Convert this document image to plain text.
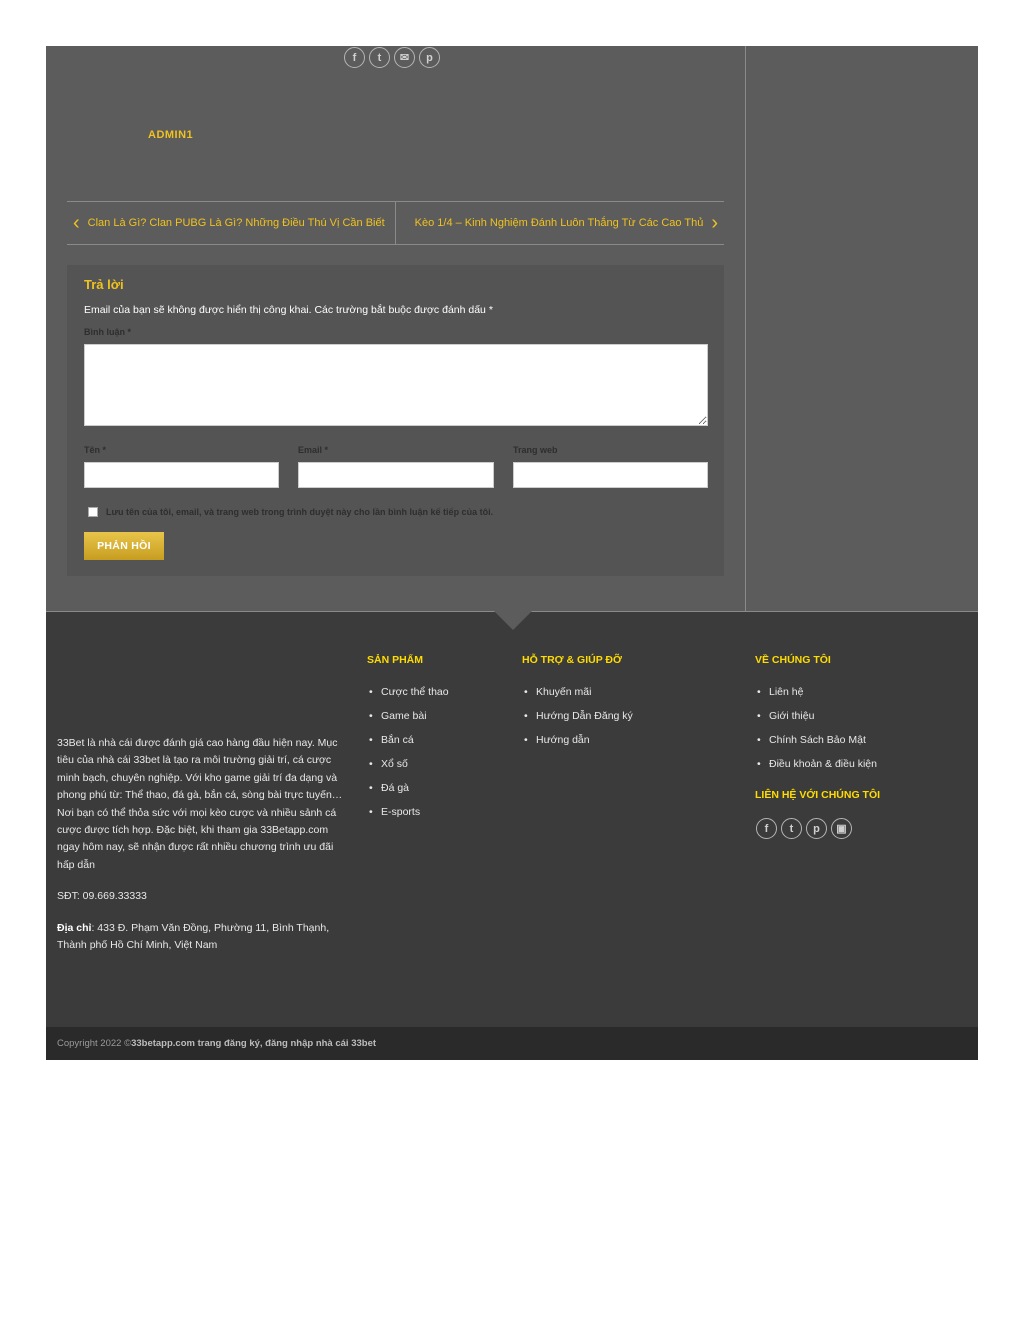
f	t	✉	p
ADMIN1
‹ Clan Là Gì? Clan PUBG Là Gì? Những Điều Thú Vị Cần Biết	Kèo 1/4 – Kinh Nghiệm Đánh Luôn Thắng Từ Các Cao Thủ ›
Trả lời
Email của bạn sẽ không được hiển thị công khai. Các trường bắt buộc được đánh dấu *
Bình luận *
Tên *	Email *	Trang web
Lưu tên của tôi, email, và trang web trong trình duyệt này cho lần bình luận kế tiếp của tôi.
PHẢN HỒI

33Bet là nhà cái được đánh giá cao hàng đầu hiện nay. Mục tiêu của nhà cái 33bet là tạo ra môi trường giải trí, cá cược minh bạch, chuyên nghiệp. Với kho game giải trí đa dạng và phong phú từ: Thể thao, đá gà, bắn cá, sòng bài trực tuyến… Nơi bạn có thể thỏa sức với mọi kèo cược và nhiều sảnh cá cược được tích hợp. Đặc biệt, khi tham gia 33Betapp.com ngay hôm nay, sẽ nhận được rất nhiều chương trình ưu đãi hấp dẫn

SĐT: 09.669.33333

Địa chỉ: 433 Đ. Phạm Văn Đồng, Phường 11, Bình Thạnh, Thành phố Hồ Chí Minh, Việt Nam

SẢN PHẨM
• Cược thể thao
• Game bài
• Bắn cá
• Xổ số
• Đá gà
• E-sports
HỖ TRỢ & GIÚP ĐỠ
• Khuyến mãi
• Hướng Dẫn Đăng ký
• Hướng dẫn
VỀ CHÚNG TÔI
• Liên hệ
• Giới thiệu
• Chính Sách Bảo Mật
• Điều khoản & điều kiện
LIÊN HỆ VỚI CHÚNG TÔI
f	t	p	▣
Copyright 2022 © 33betapp.com trang đăng ký, đăng nhập nhà cái 33bet
